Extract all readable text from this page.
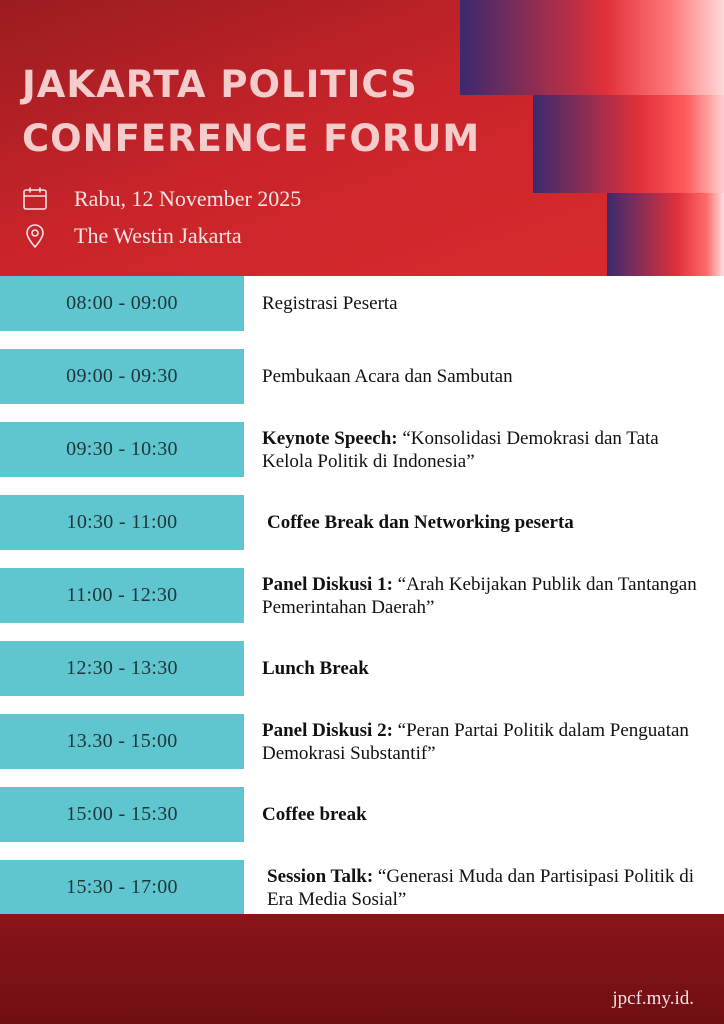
JAKARTA POLITICS
CONFERENCE FORUM
Rabu, 12 November 2025
The Westin Jakarta
08:00 - 09:00	Registrasi Peserta
09:00 - 09:30	Pembukaan Acara dan Sambutan
09:30 - 10:30	Keynote Speech: “Konsolidasi Demokrasi dan Tata Kelola Politik di Indonesia”
10:30 - 11:00	Coffee Break dan Networking peserta
11:00 - 12:30	Panel Diskusi 1: “Arah Kebijakan Publik dan Tantangan Pemerintahan Daerah”
12:30 - 13:30	Lunch Break
13.30 - 15:00	Panel Diskusi 2: “Peran Partai Politik dalam Penguatan Demokrasi Substantif”
15:00 - 15:30	Coffee break
15:30 - 17:00	Session Talk: “Generasi Muda dan Partisipasi Politik di Era Media Sosial”
jpcf.my.id.
